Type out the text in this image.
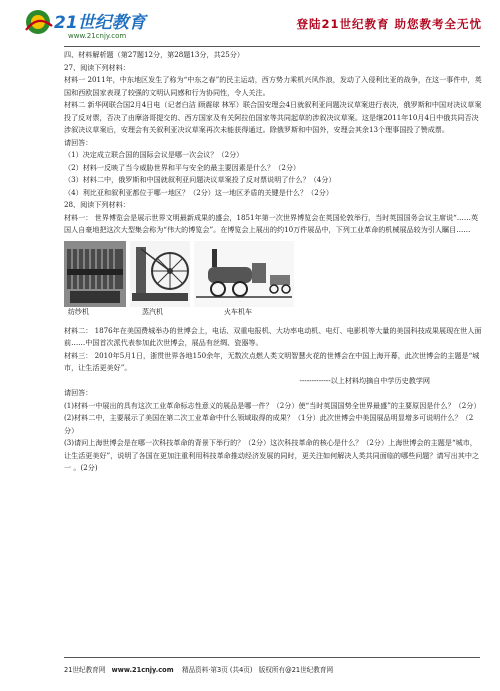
21世纪教育
www.21cnjy.com
登陆21世纪教育 助您教考全无忧

四、材料解析题（第27题12分，第28题13分，共25分）

27、阅读下列材料：

材料一 2011年，中东地区发生了称为“中东之春”的民主运动，西方势力乘机兴风作浪，发动了入侵利比亚的战争，在这一事件中，英国和西欧国家表现了较强的文明认同感和行为协同性，令人关注。

材料二 新华网联合国2月4日电（记者白洁 顾震球 林军）联合国安理会4日就叙利亚问题决议草案进行表决，俄罗斯和中国对决议草案投了反对票，否决了由摩洛哥提交的、西方国家及有关阿拉伯国家等共同起草的涉叙决议草案。这是继2011年10月4日中俄共同否决涉叙决议草案后，安理会有关叙利亚决议草案再次未能获得通过。除俄罗斯和中国外，安理会其余13个理事国投了赞成票。

请回答：

（1）决定成立联合国的国际会议是哪一次会议？（2分）

（2）材料一反映了当今威胁世界和平与安全的最主要因素是什么？（2分）

（3）材料二中，俄罗斯和中国就叙利亚问题决议草案投了反对票说明了什么？（4分）

（4）利比亚和叙利亚都位于哪一地区？（2分）这一地区矛盾的关键是什么？（2分）

28、阅读下列材料：

材料一： 世界博览会是展示世界文明最新成果的盛会，1851年第一次世界博览会在英国伦敦举行，当时英国国务会议主席说“……英国人自豪地把这次大型集会称为“伟大的博览会”。在博览会上展出的约10万件展品中，下列工业革命的机械展品较为引人瞩目……

纺纱机	蒸汽机	火车机车

材料二： 1876年在美国费城举办的世博会上，电话、双重电报机、大功率电动机、电灯、电影机等大量的美国科技成果展现在世人面前……中国首次派代表参加此次世博会，展品有丝绸、瓷器等。

材料三： 2010年5月1日，浙贯世界各地150余年，无数次点燃人类文明智慧火花的世博会在中国上海开幕，此次世博会的主题是“城市，让生活更美好”。

-------------以上材料均摘自中学历史教学网

请回答：

(1)材料一中展出的具有这次工业革命标志性意义的展品是哪一件？（2分）使“当时英国国势全世界最盛”的主要原因是什么？（2分）

(2)材料二中，主要展示了美国在第二次工业革命中什么领域取得的成果？（1分）此次世博会中美国展品明显增多可说明什么？（2分）

(3)请问上海世博会是在哪一次科技革命的背景下举行的？（2分）这次科技革命的核心是什么？（2分）上海世博会的主题是“城市，让生活更美好”，说明了各国在更加注重利用科技革命推动经济发展的同时，更关注如何解决人类共同面临的哪些问题？请写出其中之一 。(2分)

21世纪教育网 www.21cnjy.com 精品资料·第3页 (共4页) 版权所有@21世纪教育网
